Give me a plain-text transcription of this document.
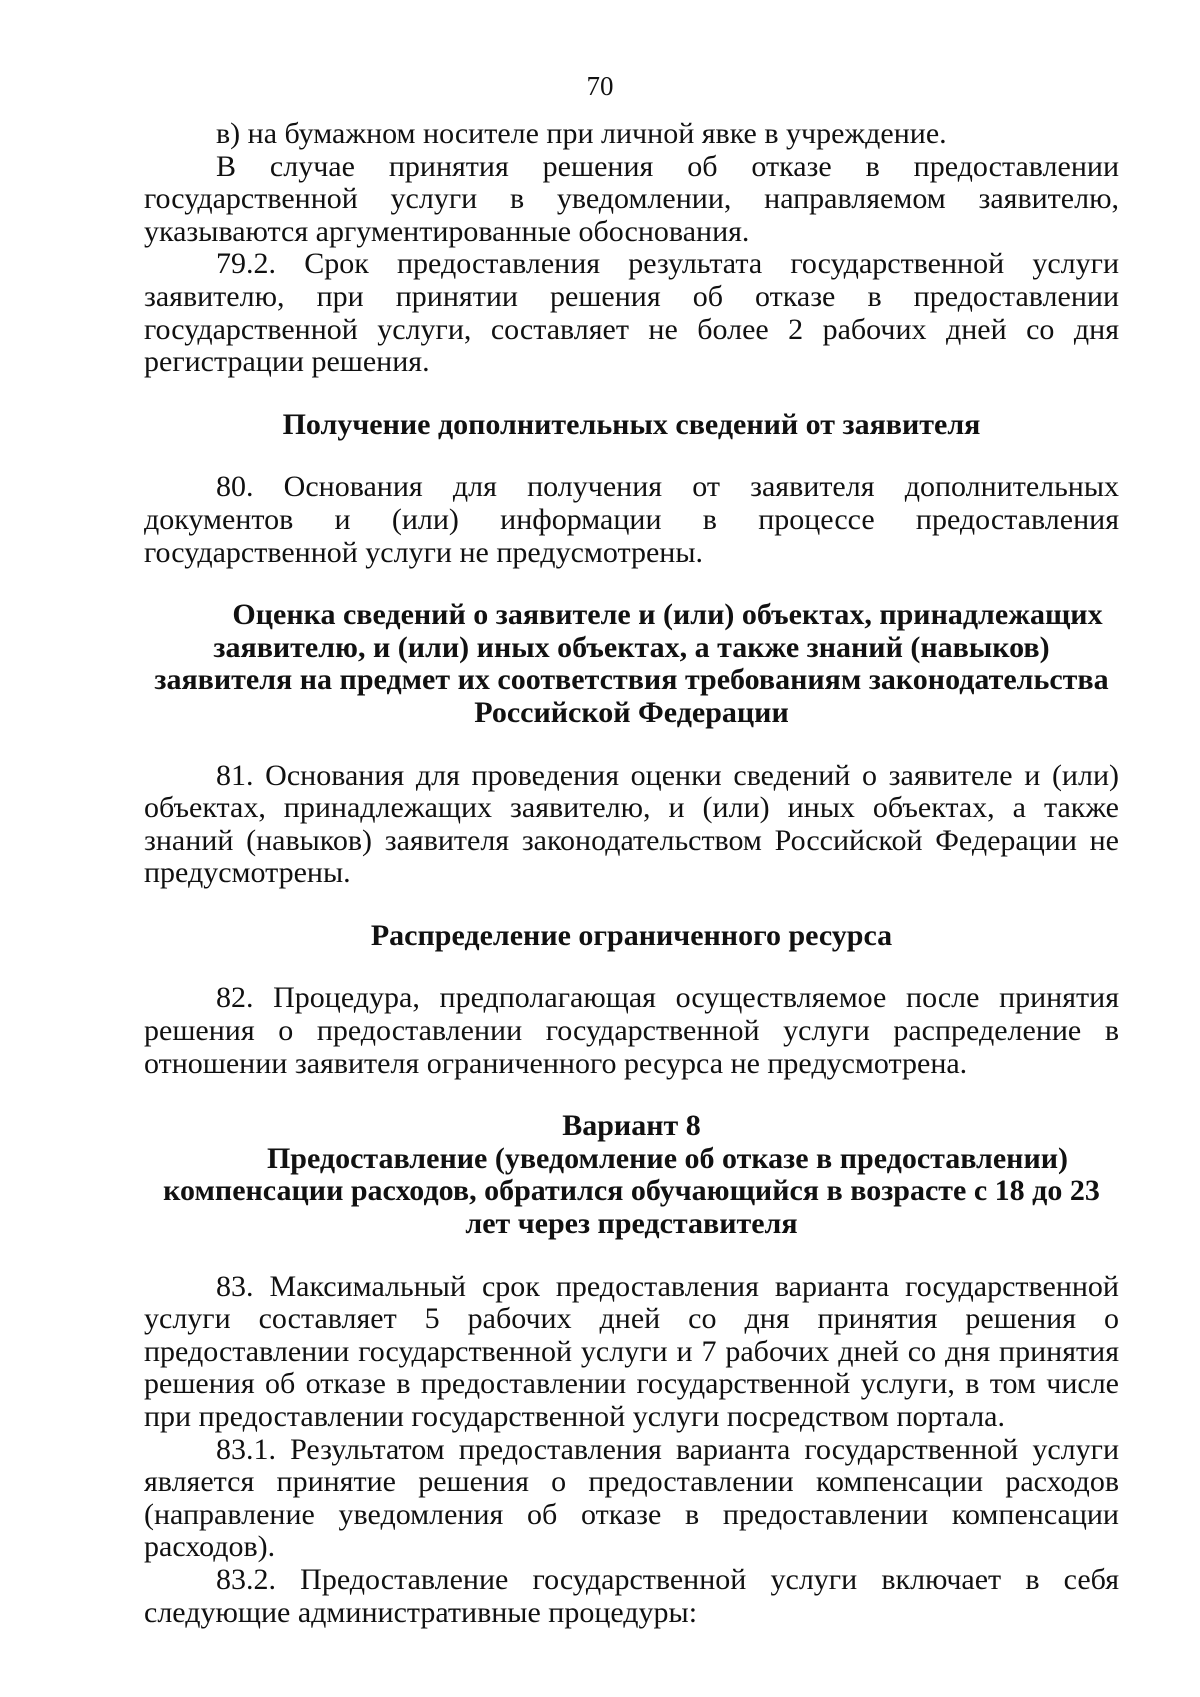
70

в) на бумажном носителе при личной явке в учреждение.

В случае принятия решения об отказе в предоставлении государственной услуги в уведомлении, направляемом заявителю, указываются аргументированные обоснования.

79.2. Срок предоставления результата государственной услуги заявителю, при принятии решения об отказе в предоставлении государственной услуги, составляет не более 2 рабочих дней со дня регистрации решения.

Получение дополнительных сведений от заявителя

80. Основания для получения от заявителя дополнительных документов и (или) информации в процессе предоставления государственной услуги не предусмотрены.

Оценка сведений о заявителе и (или) объектах, принадлежащих заявителю, и (или) иных объектах, а также знаний (навыков) заявителя на предмет их соответствия требованиям законодательства Российской Федерации

81. Основания для проведения оценки сведений о заявителе и (или) объектах, принадлежащих заявителю, и (или) иных объектах, а также знаний (навыков) заявителя законодательством Российской Федерации не предусмотрены.

Распределение ограниченного ресурса

82. Процедура, предполагающая осуществляемое после принятия решения о предоставлении государственной услуги распределение в отношении заявителя ограниченного ресурса не предусмотрена.

Вариант 8
Предоставление (уведомление об отказе в предоставлении) компенсации расходов, обратился обучающийся в возрасте с 18 до 23 лет через представителя

83. Максимальный срок предоставления варианта государственной услуги составляет 5 рабочих дней со дня принятия решения о предоставлении государственной услуги и 7 рабочих дней со дня принятия решения об отказе в предоставлении государственной услуги, в том числе при предоставлении государственной услуги посредством портала.

83.1. Результатом предоставления варианта государственной услуги является принятие решения о предоставлении компенсации расходов (направление уведомления об отказе в предоставлении компенсации расходов).

83.2. Предоставление государственной услуги включает в себя следующие административные процедуры:
